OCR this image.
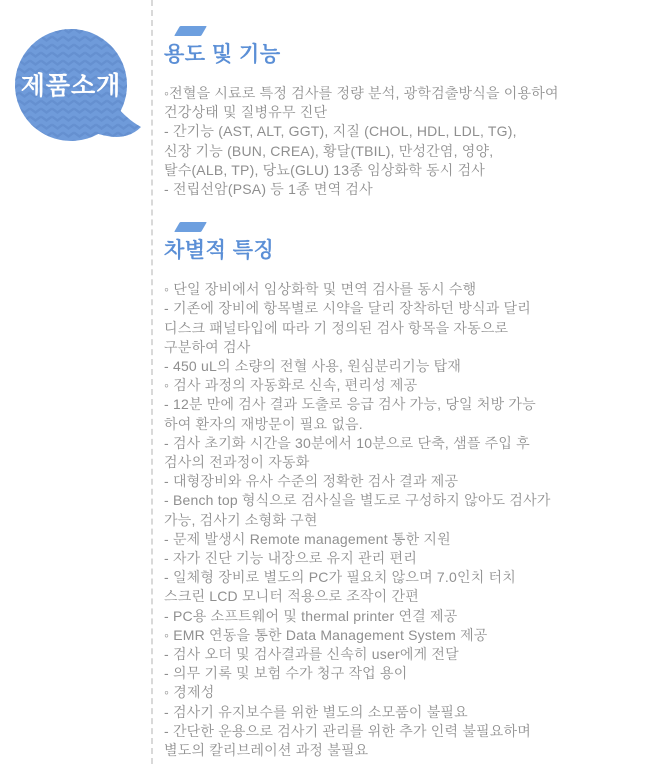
제품소개
용도 및 기능
◦전혈을 시료로 특정 검사를 정량 분석, 광학검출방식을 이용하여
건강상태 및 질병유무 진단
- 간기능 (AST, ALT, GGT), 지질 (CHOL, HDL, LDL, TG),
신장 기능 (BUN, CREA), 황달(TBIL), 만성간염, 영양,
탈수(ALB, TP), 당뇨(GLU) 13종 임상화학 동시 검사
- 전립선암(PSA) 등 1종 면역 검사
차별적 특징
◦ 단일 장비에서 임상화학 및 면역 검사를 동시 수행
- 기존에 장비에 항목별로 시약을 달리 장착하던 방식과 달리
디스크 패널타입에 따라 기 정의된 검사 항목을 자동으로
구분하여 검사
- 450 uL의 소량의 전혈 사용, 원심분리기능 탑재
◦ 검사 과정의 자동화로 신속, 편리성 제공
- 12분 만에 검사 결과 도출로 응급 검사 가능, 당일 처방 가능
하여 환자의 재방문이 필요 없음.
- 검사 초기화 시간을 30분에서 10분으로 단축, 샘플 주입 후
검사의 전과정이 자동화
- 대형장비와 유사 수준의 정확한 검사 결과 제공
- Bench top 형식으로 검사실을 별도로 구성하지 않아도 검사가
가능, 검사기 소형화 구현
- 문제 발생시 Remote management 통한 지원
- 자가 진단 기능 내장으로 유지 관리 편리
- 일체형 장비로 별도의 PC가 필요치 않으며 7.0인치 터치
스크린 LCD 모니터 적용으로 조작이 간편
- PC용 소프트웨어 및 thermal printer 연결 제공
◦ EMR 연동을 통한 Data Management System 제공
- 검사 오더 및 검사결과를 신속히 user에게 전달
- 의무 기록 및 보험 수가 청구 작업 용이
◦ 경제성
- 검사기 유지보수를 위한 별도의 소모품이 불필요
- 간단한 운용으로 검사기 관리를 위한 추가 인력 불필요하며
별도의 칼리브레이션 과정 불필요
